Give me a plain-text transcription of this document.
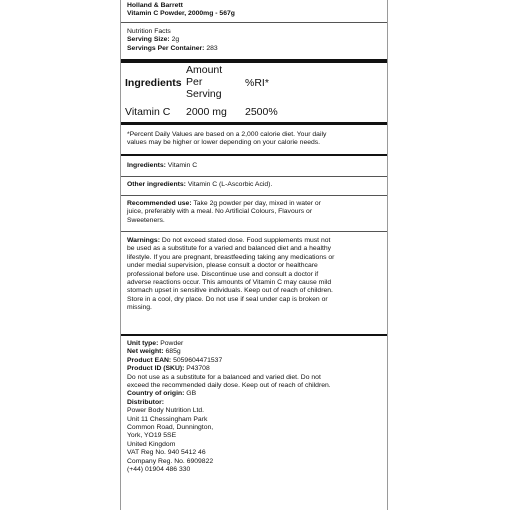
Holland & Barrett
Vitamin C Powder, 2000mg - 567g
Nutrition Facts
Serving Size: 2g
Servings Per Container: 283
Ingredients
Amount
Per
Serving
%RI*
Vitamin C 2000 mg 2500%
*Percent Daily Values are based on a 2,000 calorie diet. Your daily
values may be higher or lower depending on your calorie needs.
Ingredients: Vitamin C
Other ingredients: Vitamin C (L-Ascorbic Acid).
Recommended use: Take 2g powder per day, mixed in water or
juice, preferably with a meal. No Artificial Colours, Flavours or
Sweeteners.
Warnings: Do not exceed stated dose. Food supplements must not
be used as a substitute for a varied and balanced diet and a healthy
lifestyle. If you are pregnant, breastfeeding taking any medications or
under medial supervision, please consult a doctor or healthcare
professional before use. Discontinue use and consult a doctor if
adverse reactions occur. This amounts of Vitamin C may cause mild
stomach upset in sensitive individuals. Keep out of reach of children.
Store in a cool, dry place. Do not use if seal under cap is broken or
missing.
Unit type: Powder
Net weight: 685g
Product EAN: 5059604471537
Product ID (SKU): P43708
Do not use as a substitute for a balanced and varied diet. Do not
exceed the recommended daily dose. Keep out of reach of children.
Country of origin: GB
Distributor:
Power Body Nutrition Ltd.
Unit 11 Chessingham Park
Common Road, Dunnington,
York, YO19 5SE
United Kingdom
VAT Reg No. 940 5412 46
Company Reg. No. 6909822
(+44) 01904 486 330
